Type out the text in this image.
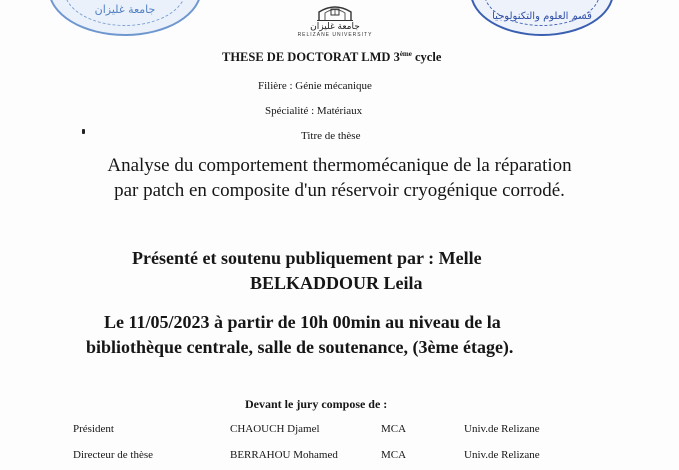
جامعة غليزان
جامعة غليزان
RELIZANE UNIVERSITY
قسم العلوم والتكنولوجيا
THESE DE DOCTORAT LMD 3ème cycle
Filière : Génie mécanique
Spécialité : Matériaux
Titre de thèse
Analyse du comportement thermomécanique de la réparation
par patch en composite d'un réservoir cryogénique corrodé.
Présenté et soutenu publiquement par : Melle
BELKADDOUR Leila
Le 11/05/2023 à partir de 10h 00min au niveau de la
bibliothèque centrale, salle de soutenance, (3ème étage).
Devant le jury compose de :
Président	CHAOUCH Djamel	MCA	Univ.de Relizane
Directeur de thèse	BERRAHOU Mohamed	MCA	Univ.de Relizane
